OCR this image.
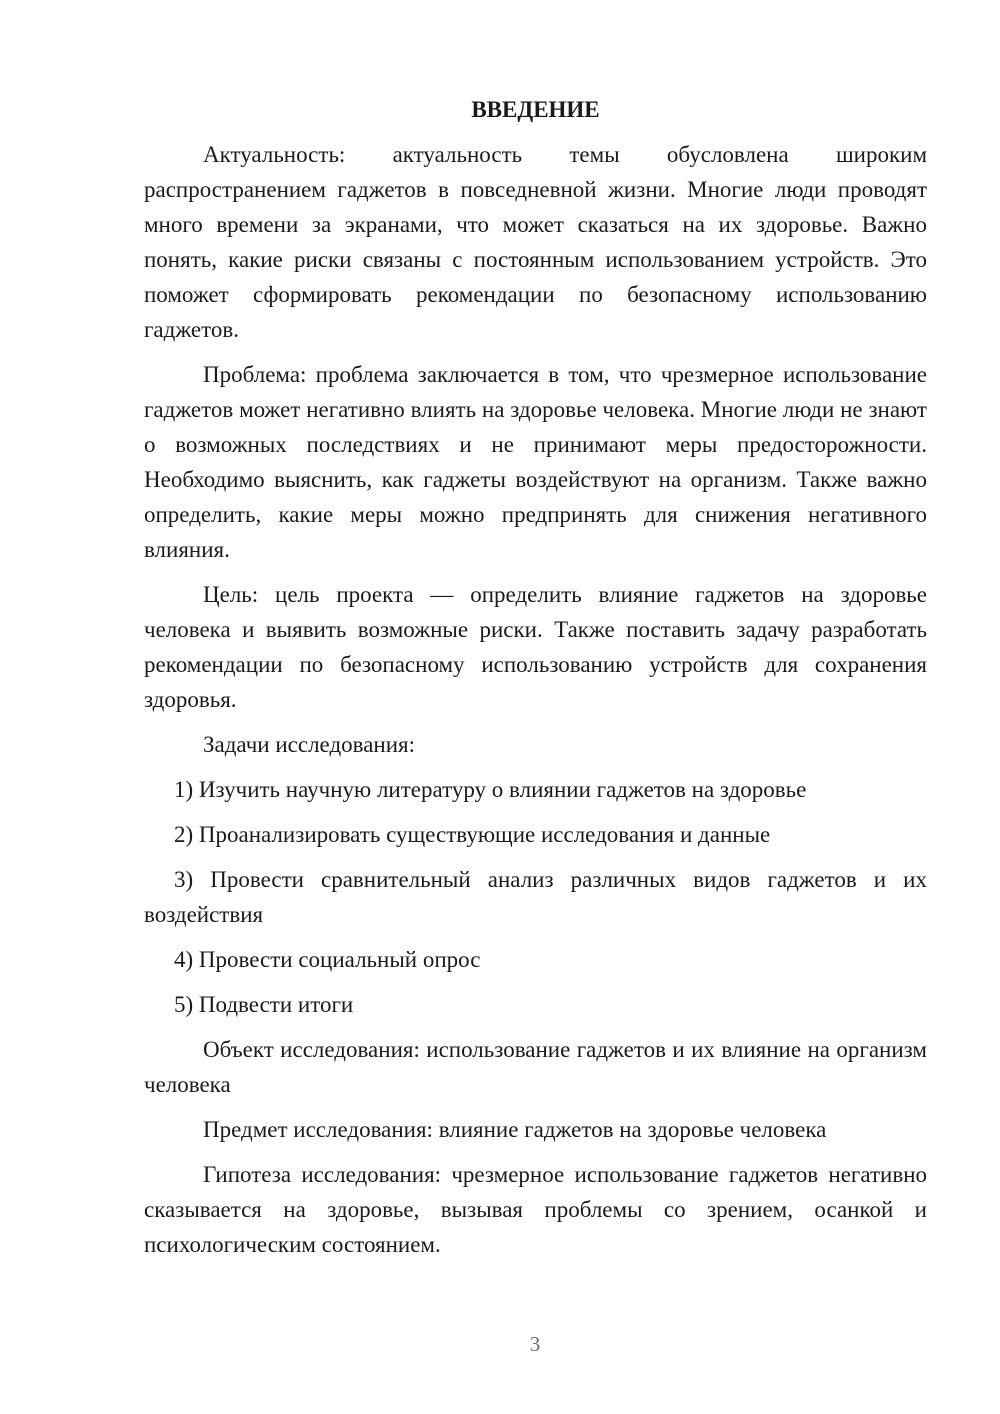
ВВЕДЕНИЕ

Актуальность: актуальность темы обусловлена широким распространением гаджетов в повседневной жизни. Многие люди проводят много времени за экранами, что может сказаться на их здоровье. Важно понять, какие риски связаны с постоянным использованием устройств. Это поможет сформировать рекомендации по безопасному использованию гаджетов.

Проблема: проблема заключается в том, что чрезмерное использование гаджетов может негативно влиять на здоровье человека. Многие люди не знают о возможных последствиях и не принимают меры предосторожности. Необходимо выяснить, как гаджеты воздействуют на организм. Также важно определить, какие меры можно предпринять для снижения негативного влияния.

Цель: цель проекта — определить влияние гаджетов на здоровье человека и выявить возможные риски. Также поставить задачу разработать рекомендации по безопасному использованию устройств для сохранения здоровья.

Задачи исследования:

1) Изучить научную литературу о влиянии гаджетов на здоровье

2) Проанализировать существующие исследования и данные

3) Провести сравнительный анализ различных видов гаджетов и их воздействия

4) Провести социальный опрос

5) Подвести итоги

Объект исследования: использование гаджетов и их влияние на организм человека

Предмет исследования: влияние гаджетов на здоровье человека

Гипотеза исследования: чрезмерное использование гаджетов негативно сказывается на здоровье, вызывая проблемы со зрением, осанкой и психологическим состоянием.

3
